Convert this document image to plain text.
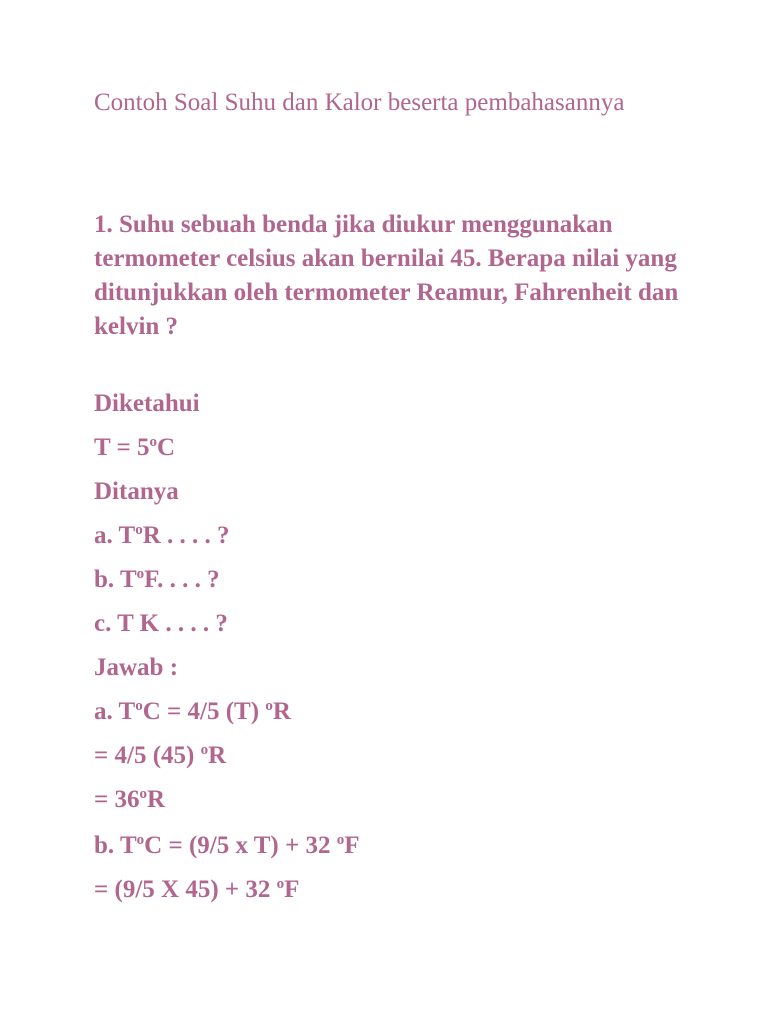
Contoh Soal Suhu dan Kalor beserta pembahasannya
1. Suhu sebuah benda jika diukur menggunakan termometer celsius akan bernilai 45. Berapa nilai yang ditunjukkan oleh termometer Reamur, Fahrenheit dan kelvin ?
Diketahui
$T = 5^oC$
Ditanya
a. $T^oR$ . . . . ?
b. $T^oF$. . . . ?
c. T K . . . . ?
Jawab :
a. $T^oC = 4/5$ (T) $^o$R
= 4/5 (45) $^o$R
= $36^oR$
b. $T^oC = (9/5$ x T) + 32 $^o$F
= (9/5 X 45) + 32 $^o$F
